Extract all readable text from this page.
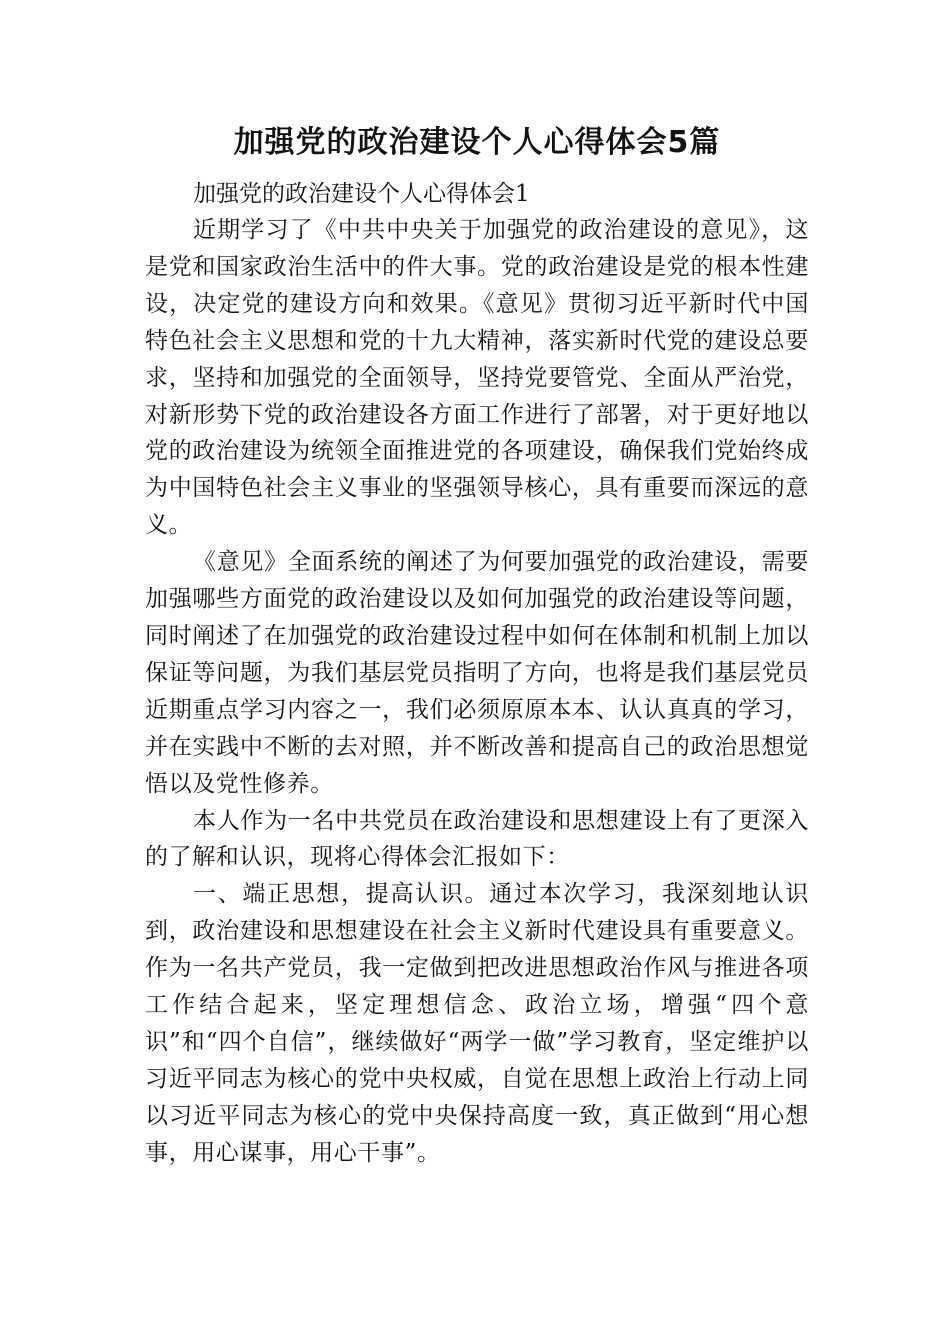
加强党的政治建设个人心得体会5篇

加强党的政治建设个人心得体会1

近期学习了《中共中央关于加强党的政治建设的意见》，这是党和国家政治生活中的件大事。党的政治建设是党的根本性建设，决定党的建设方向和效果。《意见》贯彻习近平新时代中国特色社会主义思想和党的十九大精神，落实新时代党的建设总要求，坚持和加强党的全面领导，坚持党要管党、全面从严治党，对新形势下党的政治建设各方面工作进行了部署，对于更好地以党的政治建设为统领全面推进党的各项建设，确保我们党始终成为中国特色社会主义事业的坚强领导核心，具有重要而深远的意义。

《意见》全面系统的阐述了为何要加强党的政治建设，需要加强哪些方面党的政治建设以及如何加强党的政治建设等问题，同时阐述了在加强党的政治建设过程中如何在体制和机制上加以保证等问题，为我们基层党员指明了方向，也将是我们基层党员近期重点学习内容之一，我们必须原原本本、认认真真的学习，并在实践中不断的去对照，并不断改善和提高自己的政治思想觉悟以及党性修养。

本人作为一名中共党员在政治建设和思想建设上有了更深入的了解和认识，现将心得体会汇报如下：

一、端正思想，提高认识。通过本次学习，我深刻地认识到，政治建设和思想建设在社会主义新时代建设具有重要意义。作为一名共产党员，我一定做到把改进思想政治作风与推进各项工作结合起来，坚定理想信念、政治立场，增强“四个意识”和“四个自信”，继续做好“两学一做”学习教育，坚定维护以习近平同志为核心的党中央权威，自觉在思想上政治上行动上同以习近平同志为核心的党中央保持高度一致，真正做到“用心想事，用心谋事，用心干事”。
